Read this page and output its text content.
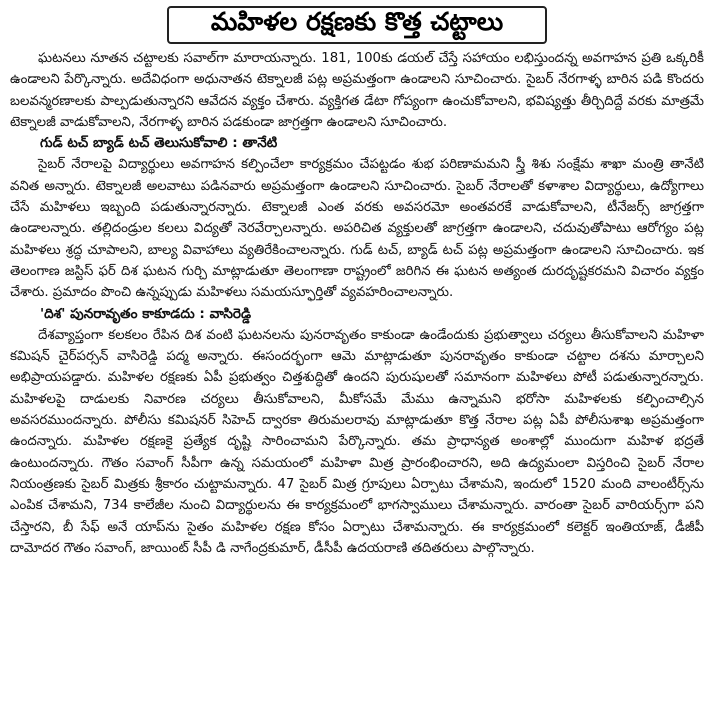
మహిళల రక్షణకు కొత్త చట్టాలు

ఘటనలు నూతన చట్టాలకు సవాల్‌గా మారాయన్నారు. 181, 100కు డయల్ చేస్తే సహాయం లభిస్తుందన్న అవగాహన ప్రతి ఒక్కరికీ ఉండాలని పేర్కొన్నారు. అదేవిధంగా అధునాతన టెక్నాలజీ పట్ల అప్రమత్తంగా ఉండాలని సూచించారు. సైబర్ నేరగాళ్ళ బారిన పడి కొందరు బలవన్మరణాలకు పాల్పడుతున్నారని ఆవేదన వ్యక్తం చేశారు. వ్యక్తిగత డేటా గోప్యంగా ఉంచుకోవాలని, భవిష్యత్తు తీర్చిదిద్దే వరకు మాత్రమే టెక్నాలజీ వాడుకోవాలని, నేరగాళ్ళ బారిన పడకుండా జాగ్రత్తగా ఉండాలని సూచించారు.

గుడ్ టచ్ బ్యాడ్ టచ్ తెలుసుకోవాలి : తానేటి

సైబర్ నేరాలపై విద్యార్థులు అవగాహన కల్పించేలా కార్యక్రమం చేపట్టడం శుభ పరిణామమని స్త్రీ శిశు సంక్షేమ శాఖా మంత్రి తానేటి వనిత అన్నారు. టెక్నాలజీ అలవాటు పడినవారు అప్రమత్తంగా ఉండాలని సూచించారు. సైబర్ నేరాలతో కళాశాల విద్యార్థులు, ఉద్యోగాలు చేసే మహిళలు ఇబ్బంది పడుతున్నారన్నారు. టెక్నాలజీ ఎంత వరకు అవసరమో అంతవరకే వాడుకోవాలని, టీనేజర్స్ జాగ్రత్తగా ఉండాలన్నారు. తల్లిదండ్రుల కలలు విద్యతో నెరవేర్చాలన్నారు. అపరిచిత వ్యక్తులతో జాగ్రత్తగా ఉండాలని, చదువుతోపాటు ఆరోగ్యం పట్ల మహిళలు శ్రద్ధ చూపాలని, బాల్య వివాహాలు వ్యతిరేకించాలన్నారు. గుడ్ టచ్, బ్యాడ్ టచ్ పట్ల అప్రమత్తంగా ఉండాలని సూచించారు. ఇక తెలంగాణ జస్టిస్ ఫర్ దిశ ఘటన గుర్చి మాట్లాడుతూ తెలంగాణా రాష్ట్రంలో జరిగిన ఈ ఘటన అత్యంత దురదృష్టకరమని విచారం వ్యక్తం చేశారు. ప్రమాదం పొంచి ఉన్నప్పుడు మహిళలు సమయస్ఫూర్తితో వ్యవహరించాలన్నారు.

'దిశ' పునరావృతం కాకూడదు : వాసిరెడ్డి

దేశవ్యాప్తంగా కలకలం రేపిన దిశ వంటి ఘటనలను పునరావృతం కాకుండా ఉండేందుకు ప్రభుత్వాలు చర్యలు తీసుకోవాలని మహిళా కమిషన్ చైర్‌పర్సన్ వాసిరెడ్డి పద్మ అన్నారు. ఈసందర్భంగా ఆమె మాట్లాడుతూ పునరావృతం కాకుండా చట్టాల దశను మార్చాలని అభిప్రాయపడ్డారు. మహిళల రక్షణకు ఏపీ ప్రభుత్వం చిత్తశుద్ధితో ఉందని పురుషులతో సమానంగా మహిళలు పోటీ పడుతున్నారన్నారు. మహిళలపై దాడులకు నివారణ చర్యలు తీసుకోవాలని, మీకోసమే మేము ఉన్నామని భరోసా మహిళలకు కల్పించాల్సిన అవసరముందన్నారు. పోలీసు కమిషనర్ సిహెచ్ ద్వారకా తిరుమలరావు మాట్లాడుతూ కొత్త నేరాల పట్ల ఏపీ పోలీసుశాఖ అప్రమత్తంగా ఉందన్నారు. మహిళల రక్షణకై ప్రత్యేక దృష్టి సారించామని పేర్కొన్నారు. తమ ప్రాధాన్యత అంశాల్లో ముందుగా మహిళ భద్రతే ఉంటుందన్నారు. గౌతం సవాంగ్ సీపీగా ఉన్న సమయంలో మహిళా మిత్ర ప్రారంభించారని, అది ఉద్యమంలా విస్తరించి సైబర్ నేరాల నియంత్రణకు సైబర్ మిత్రకు శ్రీకారం చుట్టామన్నారు. 47 సైబర్ మిత్ర గ్రూపులు ఏర్పాటు చేశామని, ఇందులో 1520 మంది వాలంటీర్స్‌ను ఎంపిక చేశామని, 734 కాలేజీల నుంచి విద్యార్థులను ఈ కార్యక్రమంలో భాగస్వాములు చేశామన్నారు. వారంతా సైబర్ వారియర్స్‌గా పని చేస్తారని, బీ సేఫ్ అనే యాప్‌ను సైతం మహిళల రక్షణ కోసం ఏర్పాటు చేశామన్నారు. ఈ కార్యక్రమంలో కలెక్టర్ ఇంతియాజ్, డీజీపీ దామోదర గౌతం సవాంగ్, జాయింట్ సీపీ డి నాగేంద్రకుమార్, డీసీపీ ఉదయరాణి తదితరులు పాల్గొన్నారు.
